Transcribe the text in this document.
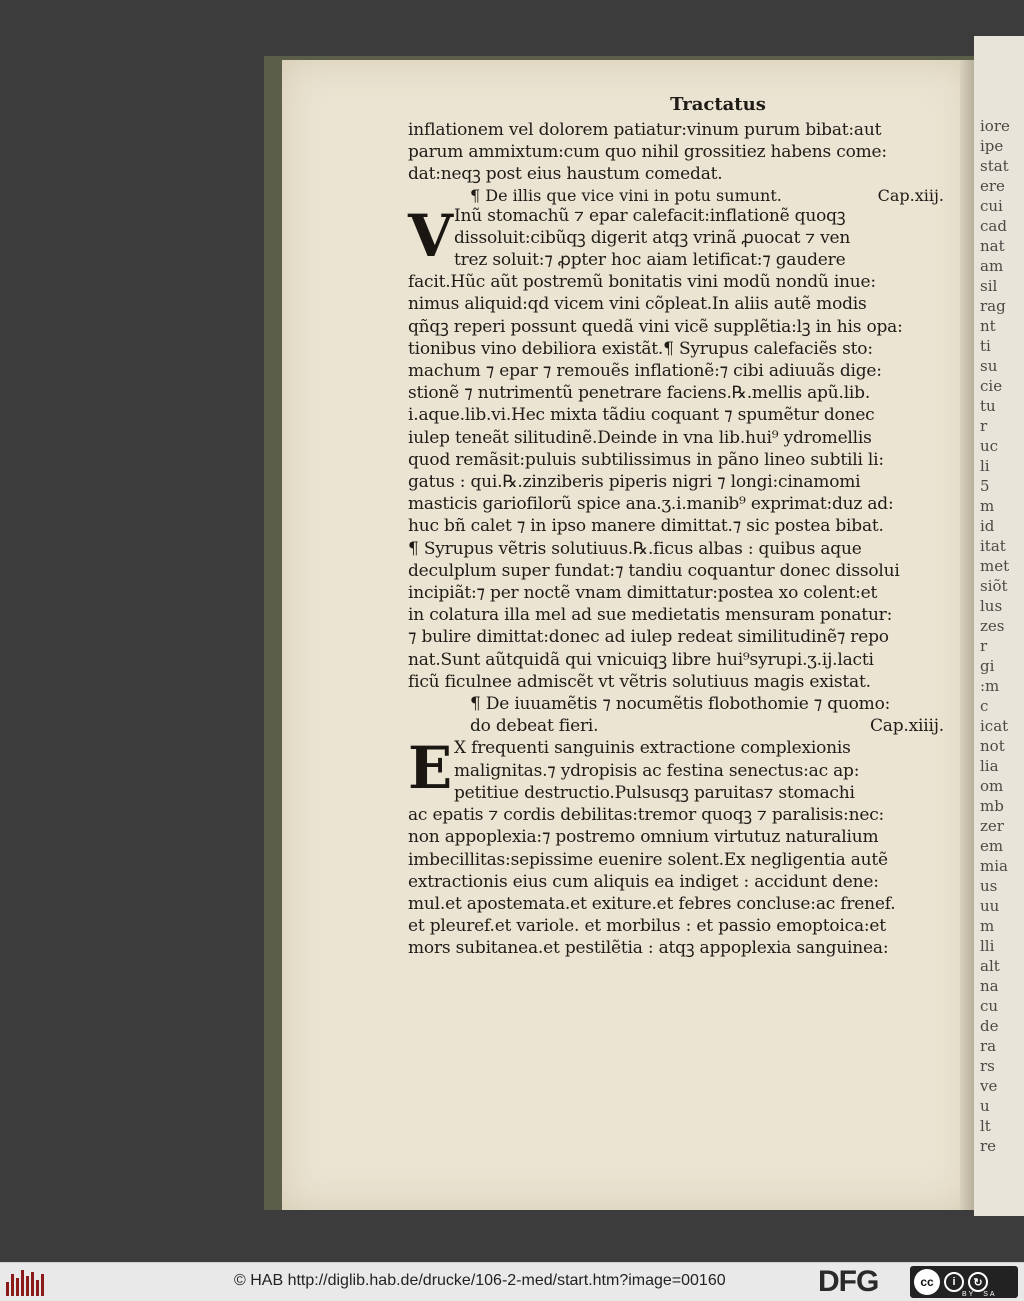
iore
ipe
stat
ere
cui
cad
nat
am
sil
rag
nt
ti
su
cie
tu
r
uc
li
5
m
id
itat
met
siõt
lus
zes
r
gi
:m
c
icat
not
lia
om
mb
zer
em
mia
us
uu
m
lli
alt
na
cu
de
ra
rs
ve
u
lt
re
Tractatus
inflationem vel dolorem patiatur:vinum purum bibat:aut
parum ammixtum:cum quo nihil grossitiez habens come:
dat:neqꝫ post eius haustum comedat.
¶ De illis que vice vini in potu sumunt.	Cap.xiij.
V Inũ stomachũ ⁊ epar calefacit:inflationẽ quoqꝫ
dissoluit:cibũqꝫ digerit atqꝫ vrinã ꝓuocat ⁊ ven
trez soluit:⁊ ꝓpter hoc aiam letificat:⁊ gaudere
facit.Hũc aũt postremũ bonitatis vini modũ nondũ inue:
nimus aliquid:qd vicem vini cõpleat.In aliis autẽ modis
qñqꝫ reperi possunt quedã vini vicẽ supplẽtia:lꝫ in his opa:
tionibus vino debiliora existãt.¶ Syrupus calefaciẽs sto:
machum ⁊ epar ⁊ remouẽs inflationẽ:⁊ cibi adiuuãs dige:
stionẽ ⁊ nutrimentũ penetrare faciens.℞.mellis apũ.lib.
i.aque.lib.vi.Hec mixta tãdiu coquant ⁊ spumẽtur donec
iulep teneãt silitudinẽ.Deinde in vna lib.hui⁹ ydromellis
quod remãsit:puluis subtilissimus in pãno lineo subtili li:
gatus : qui.℞.zinziberis piperis nigri ⁊ longi:cinamomi
masticis gariofilorũ spice ana.ʒ.i.manib⁹ exprimat:duz ad:
huc bñ calet ⁊ in ipso manere dimittat.⁊ sic postea bibat.
¶ Syrupus vẽtris solutiuus.℞.ficus albas : quibus aque
deculplum super fundat:⁊ tandiu coquantur donec dissolui
incipiãt:⁊ per noctẽ vnam dimittatur:postea xo colent:et
in colatura illa mel ad sue medietatis mensuram ponatur:
⁊ bulire dimittat:donec ad iulep redeat similitudinẽ⁊ repo
nat.Sunt aũtquidã qui vnicuiqꝫ libre hui⁹syrupi.ʒ.ij.lacti
ficũ ficulnee admiscẽt vt vẽtris solutiuus magis existat.
¶ De iuuamẽtis ⁊ nocumẽtis flobothomie ⁊ quomo:
do debeat fieri.	Cap.xiiij.
E X frequenti sanguinis extractione complexionis
malignitas.⁊ ydropisis ac festina senectus:ac ap:
petitiue destructio.Pulsusqꝫ paruitas⁊ stomachi
ac epatis ⁊ cordis debilitas:tremor quoqꝫ ⁊ paralisis:nec:
non appoplexia:⁊ postremo omnium virtutuz naturalium
imbecillitas:sepissime euenire solent.Ex negligentia autẽ
extractionis eius cum aliquis ea indiget : accidunt dene:
mul.et apostemata.et exiture.et febres concluse:ac frenef.
et pleuref.et variole. et morbilus : et passio emoptoica:et
mors subitanea.et pestilẽtia : atqꝫ appoplexia sanguinea:
© HAB http://diglib.hab.de/drucke/106-2-med/start.htm?image=00160	DFG	cc	i	↻
BY SA
